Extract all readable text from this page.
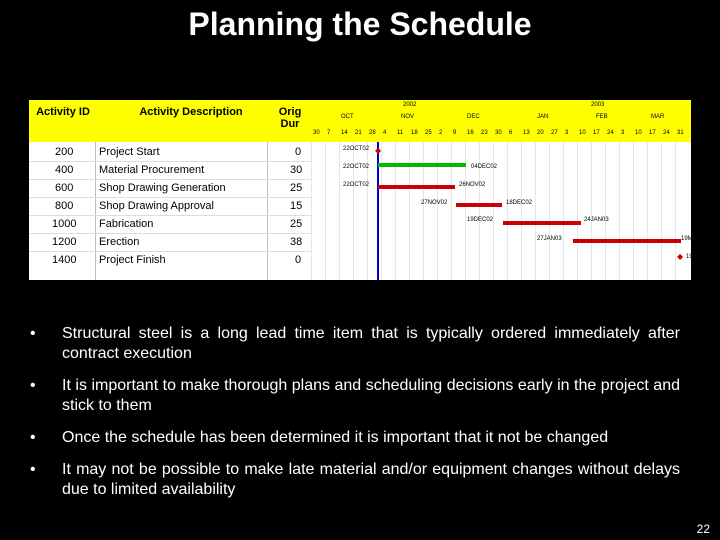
Planning the Schedule
Activity ID	Activity Description	Orig Dur
200 Project Start	0
400 Material Procurement	30
600 Shop Drawing Generation	25
800 Shop Drawing Approval	15
1000 Fabrication	25
1200 Erection	38
1400 Project Finish	0
2002	2003
OCT	NOV	DEC	JAN	FEB	MAR
30 7 14 21 28 4 11 18 25 2 9 16 23 30 6 13 20 27 3 10 17 24 3 10 17 24 31
22OCT02 ◆
22OCT02	04DEC02
22OCT02	26NOV02
27NOV02	18DEC02
19DEC02	24JAN03
27JAN03	19MAR03
◆ 19MAR03
• Structural steel is a long lead time item that is typically ordered immediately after contract execution
• It is important to make thorough plans and scheduling decisions early in the project and stick to them
• Once the schedule has been determined it is important that it not be changed
• It may not be possible to make late material and/or equipment changes without delays due to limited availability
22
